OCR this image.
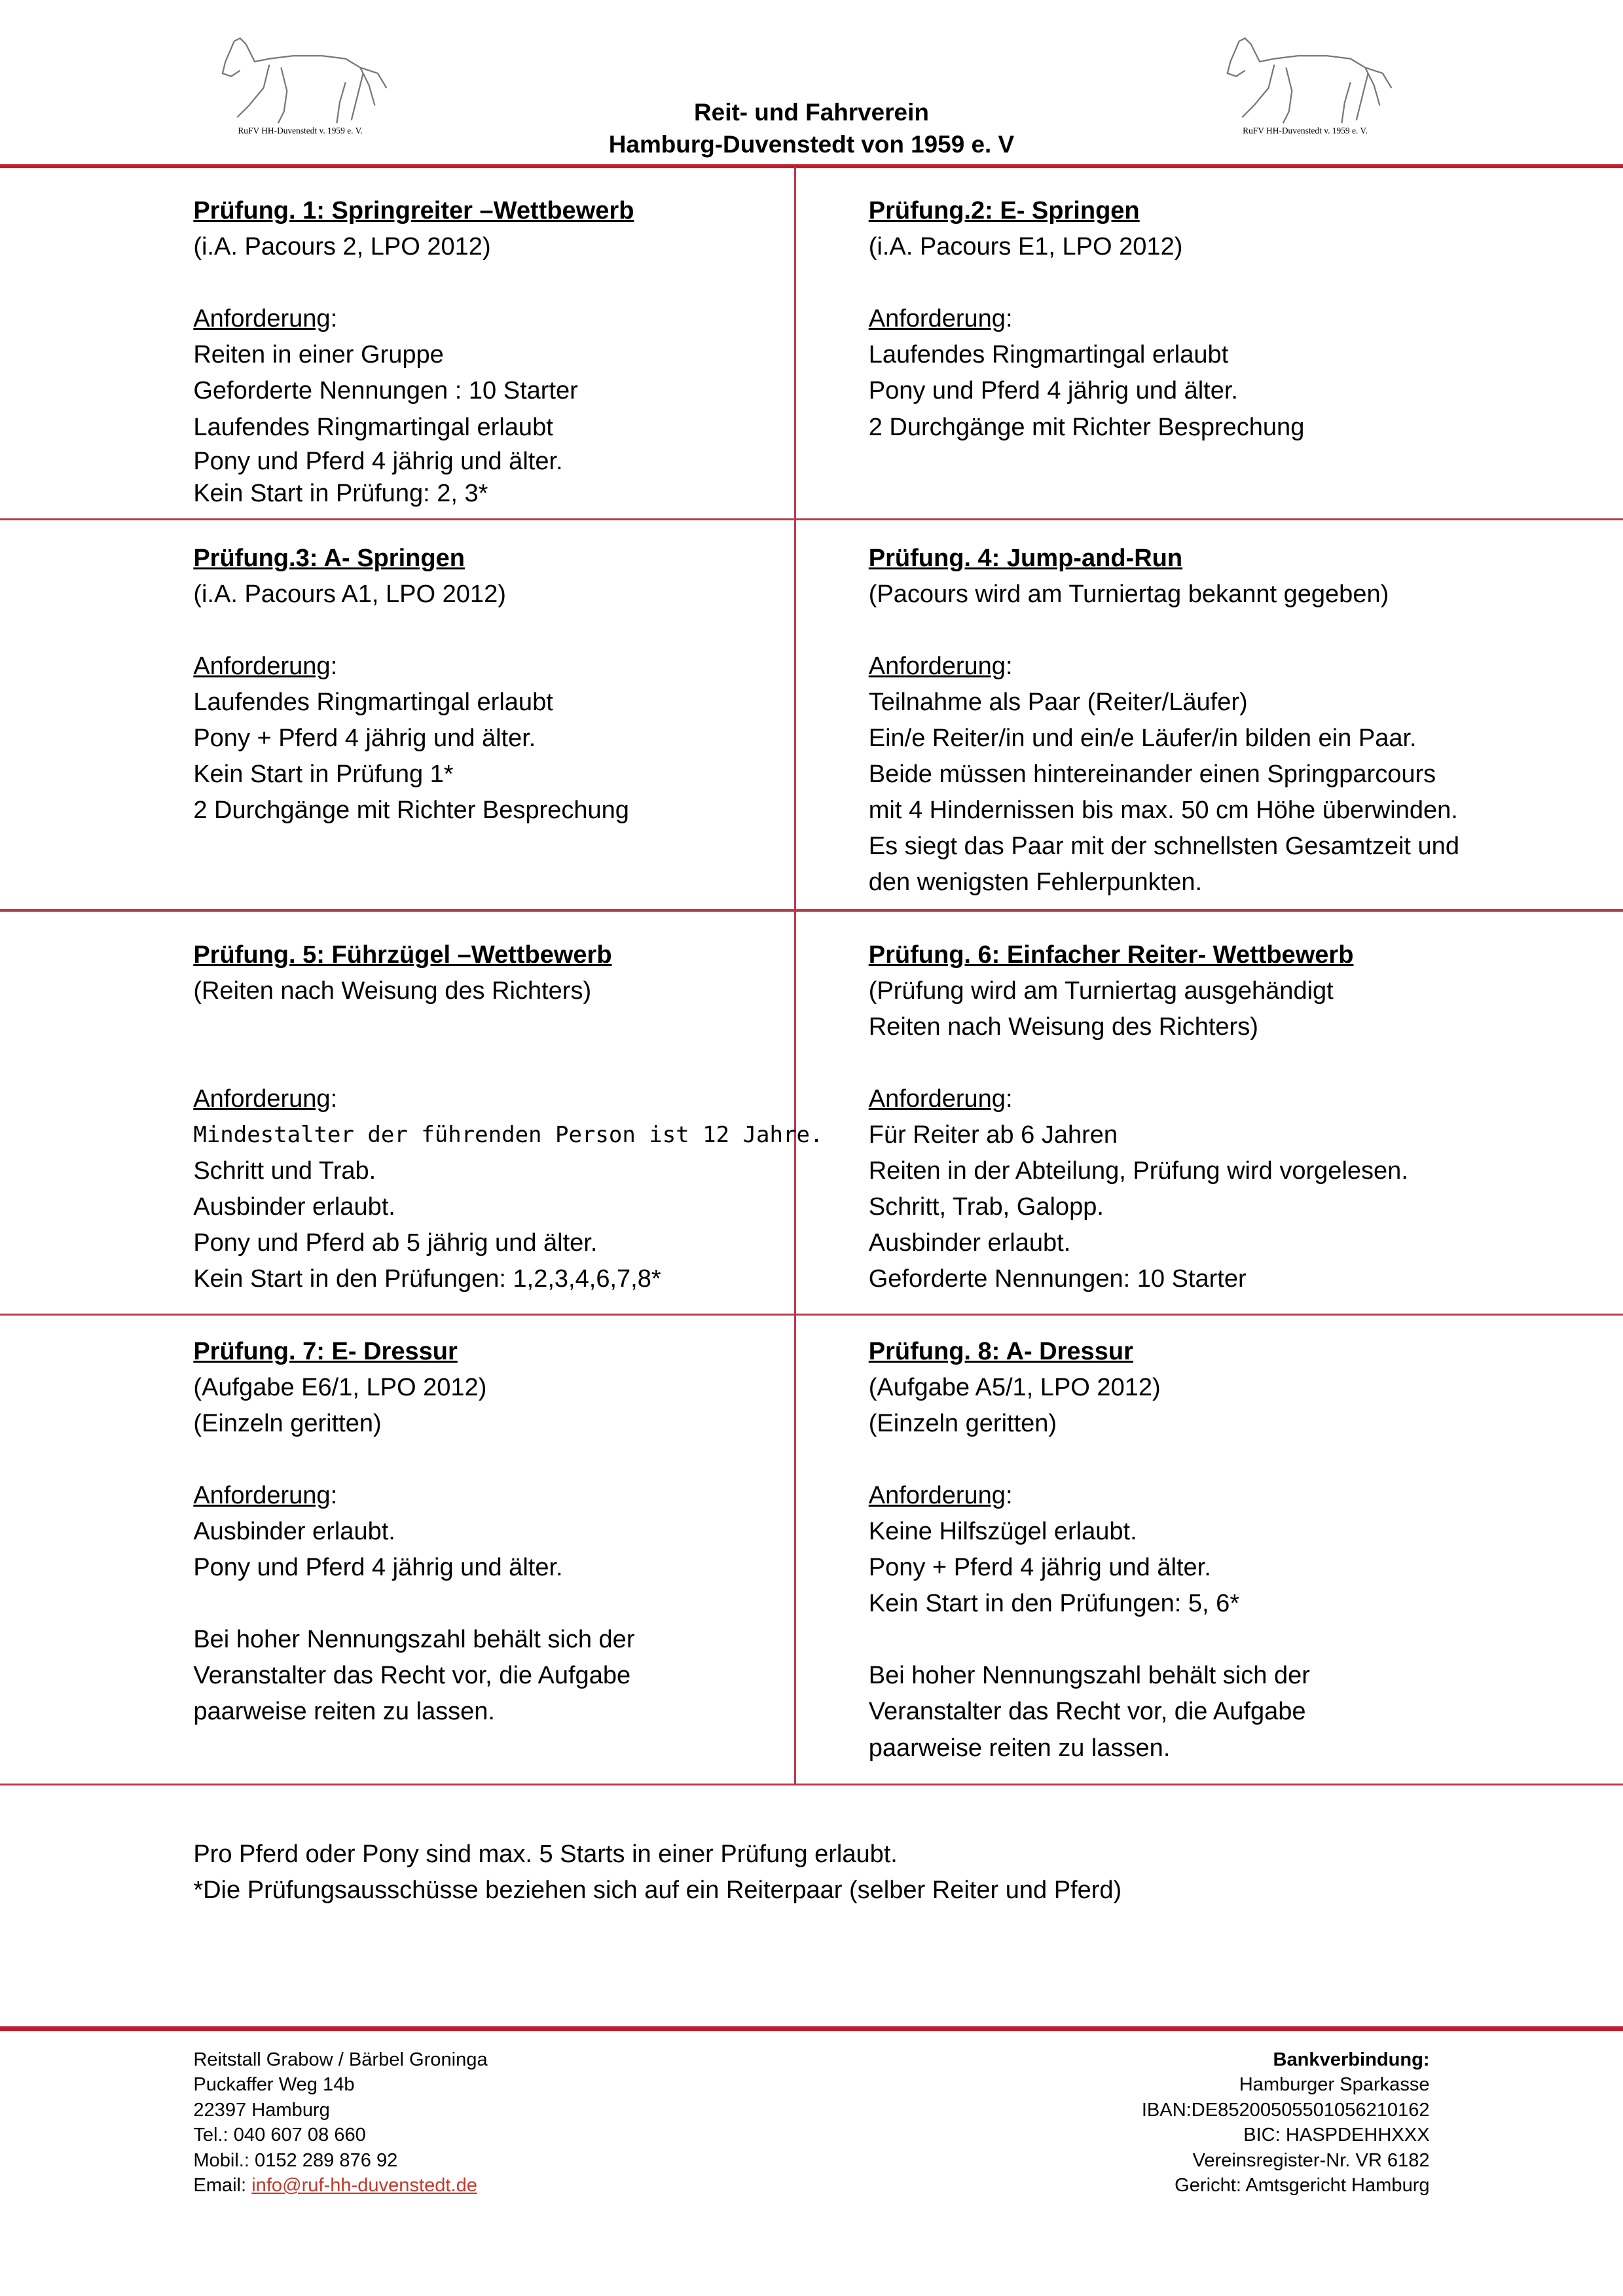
RuFV HH-Duvenstedt v. 1959 e. V.	RuFV HH-Duvenstedt v. 1959 e. V.
Reit- und Fahrverein
Hamburg-Duvenstedt von 1959 e. V
Prüfung. 1: Springreiter –Wettbewerb
(i.A. Pacours 2, LPO 2012)
Anforderung:
Reiten in einer Gruppe
Geforderte Nennungen : 10 Starter
Laufendes Ringmartingal erlaubt
Pony und Pferd 4 jährig und älter.
Kein Start in Prüfung: 2, 3*
Prüfung.2: E- Springen
(i.A. Pacours E1, LPO 2012)
Anforderung:
Laufendes Ringmartingal erlaubt
Pony und Pferd 4 jährig und älter.
2 Durchgänge mit Richter Besprechung
Prüfung.3: A- Springen
(i.A. Pacours A1, LPO 2012)
Anforderung:
Laufendes Ringmartingal erlaubt
Pony + Pferd 4 jährig und älter.
Kein Start in Prüfung 1*
2 Durchgänge mit Richter Besprechung
Prüfung. 4: Jump-and-Run
(Pacours wird am Turniertag bekannt gegeben)
Anforderung:
Teilnahme als Paar (Reiter/Läufer)
Ein/e Reiter/in und ein/e Läufer/in bilden ein Paar.
Beide müssen hintereinander einen Springparcours
mit 4 Hindernissen bis max. 50 cm Höhe überwinden.
Es siegt das Paar mit der schnellsten Gesamtzeit und
den wenigsten Fehlerpunkten.
Prüfung. 5: Führzügel –Wettbewerb
(Reiten nach Weisung des Richters)
Anforderung:
Mindestalter der führenden Person ist 12 Jahre.
Schritt und Trab.
Ausbinder erlaubt.
Pony und Pferd ab 5 jährig und älter.
Kein Start in den Prüfungen: 1,2,3,4,6,7,8*
Prüfung. 6: Einfacher Reiter- Wettbewerb
(Prüfung wird am Turniertag ausgehändigt
Reiten nach Weisung des Richters)
Anforderung:
Für Reiter ab 6 Jahren
Reiten in der Abteilung, Prüfung wird vorgelesen.
Schritt, Trab, Galopp.
Ausbinder erlaubt.
Geforderte Nennungen: 10 Starter
Prüfung. 7: E- Dressur
(Aufgabe E6/1, LPO 2012)
(Einzeln geritten)
Anforderung:
Ausbinder erlaubt.
Pony und Pferd 4 jährig und älter.
Bei hoher Nennungszahl behält sich der
Veranstalter das Recht vor, die Aufgabe
paarweise reiten zu lassen.
Prüfung. 8: A- Dressur
(Aufgabe A5/1, LPO 2012)
(Einzeln geritten)
Anforderung:
Keine Hilfszügel erlaubt.
Pony + Pferd 4 jährig und älter.
Kein Start in den Prüfungen: 5, 6*
Bei hoher Nennungszahl behält sich der
Veranstalter das Recht vor, die Aufgabe
paarweise reiten zu lassen.
Pro Pferd oder Pony sind max. 5 Starts in einer Prüfung erlaubt.
*Die Prüfungsausschüsse beziehen sich auf ein Reiterpaar (selber Reiter und Pferd)
Reitstall Grabow / Bärbel Groninga
Puckaffer Weg 14b
22397 Hamburg
Tel.: 040 607 08 660
Mobil.: 0152 289 876 92
Email: info@ruf-hh-duvenstedt.de
Bankverbindung:
Hamburger Sparkasse
IBAN:DE85200505501056210162
BIC: HASPDEHHXXX
Vereinsregister-Nr. VR 6182
Gericht: Amtsgericht Hamburg
